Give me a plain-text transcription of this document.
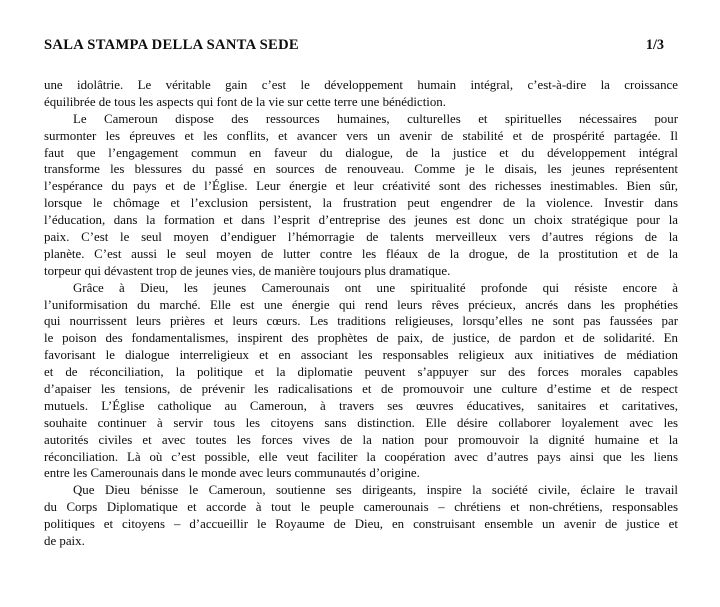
SALA STAMPA DELLA SANTA SEDE	1/3
une idolâtrie. Le véritable gain c’est le développement humain intégral, c’est-à-dire la croissance
équilibrée de tous les aspects qui font de la vie sur cette terre une bénédiction.
Le Cameroun dispose des ressources humaines, culturelles et spirituelles nécessaires pour
surmonter les épreuves et les conflits, et avancer vers un avenir de stabilité et de prospérité partagée. Il
faut que l’engagement commun en faveur du dialogue, de la justice et du développement intégral
transforme les blessures du passé en sources de renouveau. Comme je le disais, les jeunes représentent
l’espérance du pays et de l’Église. Leur énergie et leur créativité sont des richesses inestimables. Bien sûr,
lorsque le chômage et l’exclusion persistent, la frustration peut engendrer de la violence. Investir dans
l’éducation, dans la formation et dans l’esprit d’entreprise des jeunes est donc un choix stratégique pour la
paix. C’est le seul moyen d’endiguer l’hémorragie de talents merveilleux vers d’autres régions de la
planète. C’est aussi le seul moyen de lutter contre les fléaux de la drogue, de la prostitution et de la
torpeur qui dévastent trop de jeunes vies, de manière toujours plus dramatique.
Grâce à Dieu, les jeunes Camerounais ont une spiritualité profonde qui résiste encore à
l’uniformisation du marché. Elle est une énergie qui rend leurs rêves précieux, ancrés dans les prophéties
qui nourrissent leurs prières et leurs cœurs. Les traditions religieuses, lorsqu’elles ne sont pas faussées par
le poison des fondamentalismes, inspirent des prophètes de paix, de justice, de pardon et de solidarité. En
favorisant le dialogue interreligieux et en associant les responsables religieux aux initiatives de médiation
et de réconciliation, la politique et la diplomatie peuvent s’appuyer sur des forces morales capables
d’apaiser les tensions, de prévenir les radicalisations et de promouvoir une culture d’estime et de respect
mutuels. L’Église catholique au Cameroun, à travers ses œuvres éducatives, sanitaires et caritatives,
souhaite continuer à servir tous les citoyens sans distinction. Elle désire collaborer loyalement avec les
autorités civiles et avec toutes les forces vives de la nation pour promouvoir la dignité humaine et la
réconciliation. Là où c’est possible, elle veut faciliter la coopération avec d’autres pays ainsi que les liens
entre les Camerounais dans le monde avec leurs communautés d’origine.
Que Dieu bénisse le Cameroun, soutienne ses dirigeants, inspire la société civile, éclaire le travail
du Corps Diplomatique et accorde à tout le peuple camerounais – chrétiens et non-chrétiens, responsables
politiques et citoyens – d’accueillir le Royaume de Dieu, en construisant ensemble un avenir de justice et
de paix.
